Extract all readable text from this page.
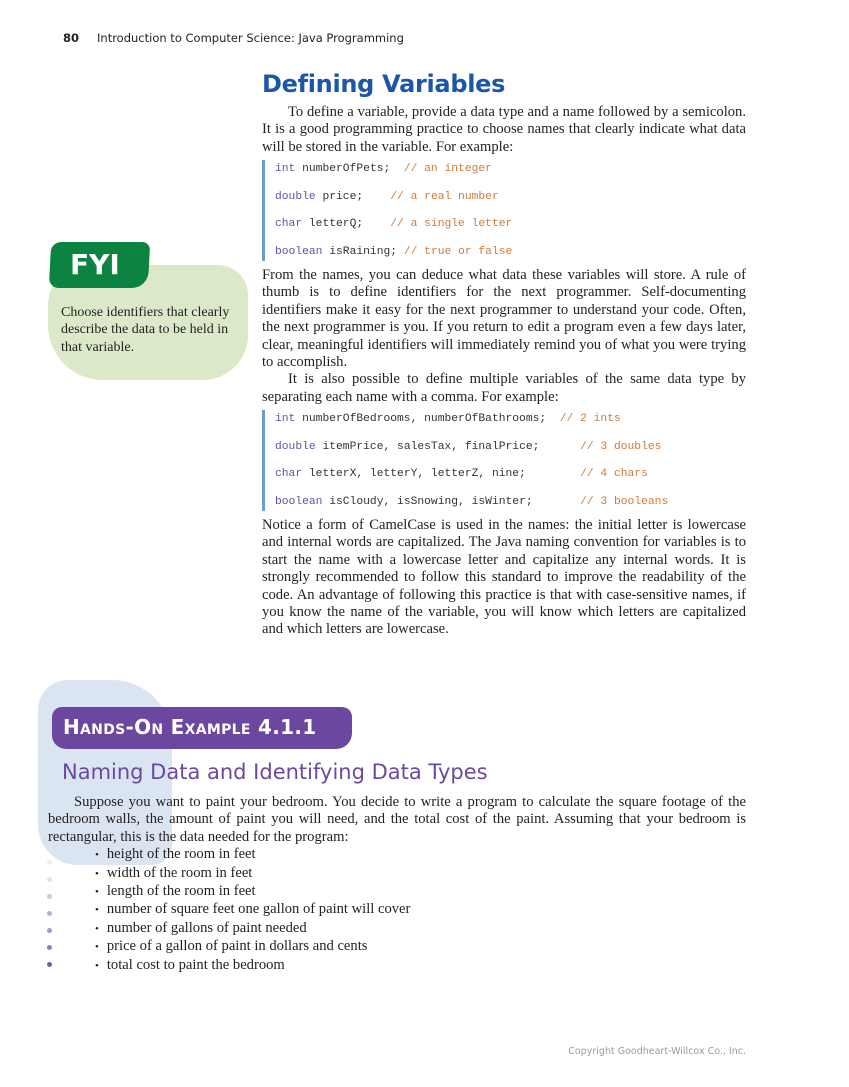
80 Introduction to Computer Science: Java Programming
FYI
Choose identifiers that clearly describe the data to be held in that variable.
Defining Variables

To define a variable, provide a data type and a name followed by a semicolon. It is a good programming practice to choose names that clearly indicate what data will be stored in the variable. For example:

int numberOfPets;  // an integer
double price;    // a real number
char letterQ;    // a single letter
boolean isRaining; // true or false

From the names, you can deduce what data these variables will store. A rule of thumb is to define identifiers for the next programmer. Self-documenting identifiers make it easy for the next programmer to understand your code. Often, the next programmer is you. If you return to edit a program even a few days later, clear, meaningful identifiers will immediately remind you of what you were trying to accomplish.

It is also possible to define multiple variables of the same data type by separating each name with a comma. For example:

int numberOfBedrooms, numberOfBathrooms;  // 2 ints
double itemPrice, salesTax, finalPrice;      // 3 doubles
char letterX, letterY, letterZ, nine;        // 4 chars
boolean isCloudy, isSnowing, isWinter;       // 3 booleans

Notice a form of CamelCase is used in the names: the initial letter is lowercase and internal words are capitalized. The Java naming convention for variables is to start the name with a lowercase letter and capitalize any internal words. It is strongly recommended to follow this standard to improve the readability of the code. An advantage of following this practice is that with case-sensitive names, if you know the name of the variable, you will know which letters are capitalized and which letters are lowercase.

Hands-On Example 4.1.1
Naming Data and Identifying Data Types

Suppose you want to paint your bedroom. You decide to write a program to calculate the square footage of the bedroom walls, the amount of paint you will need, and the total cost of the paint. Assuming that your bedroom is rectangular, this is the data needed for the program:

• height of the room in feet
• width of the room in feet
• length of the room in feet
• number of square feet one gallon of paint will cover
• number of gallons of paint needed
• price of a gallon of paint in dollars and cents
• total cost to paint the bedroom
Copyright Goodheart-Willcox Co., Inc.
